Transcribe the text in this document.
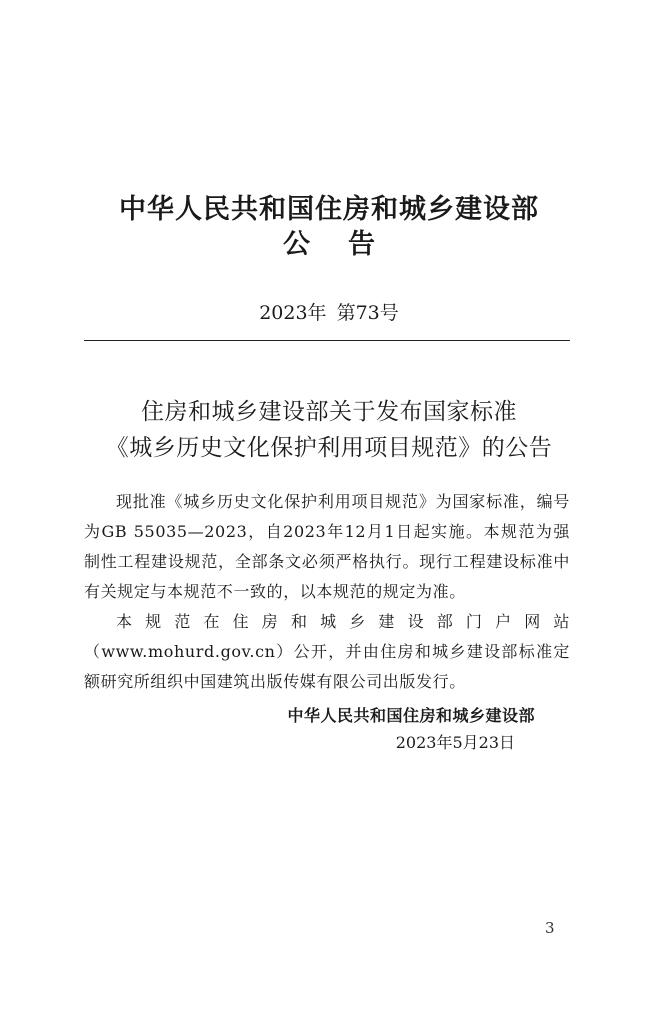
中华人民共和国住房和城乡建设部
公告
2023年 第73号
住房和城乡建设部关于发布国家标准
《城乡历史文化保护利用项目规范》的公告

现批准《城乡历史文化保护利用项目规范》为国家标准，编号为GB 55035—2023，自2023年12月1日起实施。本规范为强制性工程建设规范，全部条文必须严格执行。现行工程建设标准中有关规定与本规范不一致的，以本规范的规定为准。

本规范在住房和城乡建设部门户网站（www.mohurd.gov.cn）公开，并由住房和城乡建设部标准定额研究所组织中国建筑出版传媒有限公司出版发行。

中华人民共和国住房和城乡建设部
2023年5月23日
3
